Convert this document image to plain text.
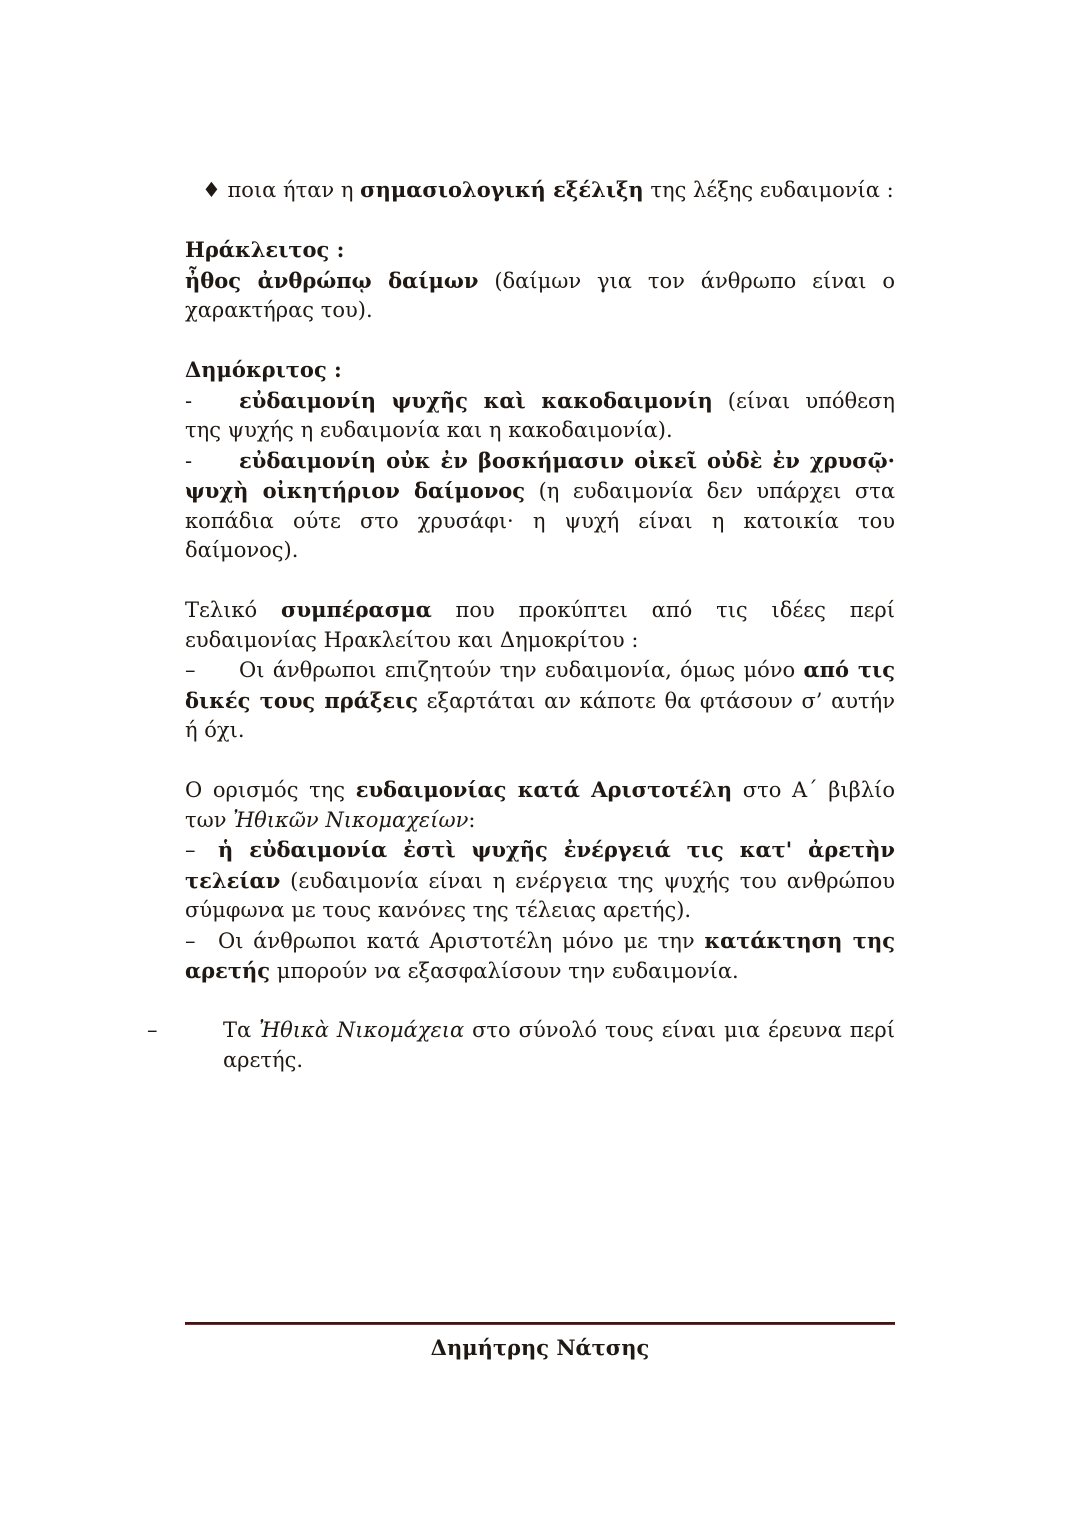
♦ ποια ήταν η σημασιολογική εξέλιξη της λέξης ευδαιμονία :

Ηράκλειτος :

ἦθος ἀνθρώπῳ δαίμων (δαίμων για τον άνθρωπο είναι ο χαρακτήρας του).

Δημόκριτος :

- εὐδαιμονίη ψυχῆς καὶ κακοδαιμονίη (είναι υπόθεση της ψυχής η ευδαιμονία και η κακοδαιμονία).

- εὐδαιμονίη οὐκ ἐν βοσκήμασιν οἰκεῖ οὐδὲ ἐν χρυσῷ· ψυχὴ οἰκητήριον δαίμονος (η ευδαιμονία δεν υπάρχει στα κοπάδια ούτε στο χρυσάφι· η ψυχή είναι η κατοικία του δαίμονος).

Τελικό συμπέρασμα που προκύπτει από τις ιδέες περί ευδαιμονίας Ηρακλείτου και Δημοκρίτου :

– Οι άνθρωποι επιζητούν την ευδαιμονία, όμως μόνο από τις δικές τους πράξεις εξαρτάται αν κάποτε θα φτάσουν σ’ αυτήν ή όχι.

Ο ορισμός της ευδαιμονίας κατά Αριστοτέλη στο Α΄ βιβλίο των Ἠθικῶν Νικομαχείων:

– ἡ εὐδαιμονία ἐστὶ ψυχῆς ἐνέργειά τις κατ' ἀρετὴν τελείαν (ευδαιμονία είναι η ενέργεια της ψυχής του ανθρώπου σύμφωνα με τους κανόνες της τέλειας αρετής).

– Οι άνθρωποι κατά Αριστοτέλη μόνο με την κατάκτηση της αρετής μπορούν να εξασφαλίσουν την ευδαιμονία.

–	Τα Ἠθικὰ Νικομάχεια στο σύνολό τους είναι μια έρευνα περί αρετής.

Δημήτρης Νάτσης
